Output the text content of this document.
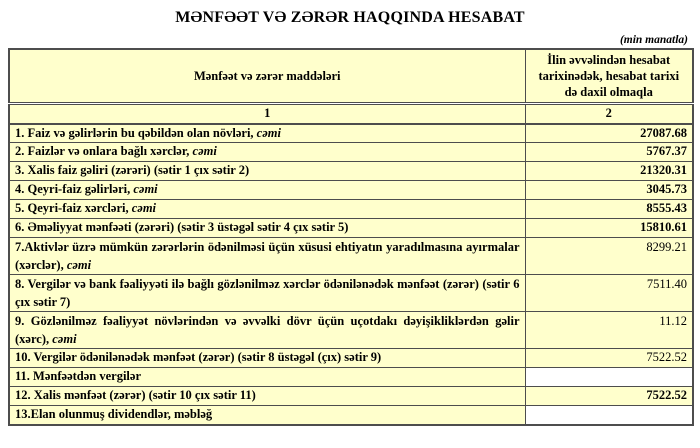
MƏNFƏƏT VƏ ZƏRƏR HAQQINDA HESABAT
(min manatla)
Mənfəət və zərər maddələri	İlin əvvəlindən hesabat tarixinədək, hesabat tarixi də daxil olmaqla
1	2
1. Faiz və gəlirlərin bu qəbildən olan növləri, cəmi	27087.68
2. Faizlər və onlara bağlı xərclər, cəmi	5767.37
3. Xalis faiz gəliri (zərəri) (sətir 1 çıx sətir 2)	21320.31
4. Qeyri-faiz gəlirləri, cəmi	3045.73
5. Qeyri-faiz xərcləri, cəmi	8555.43
6. Əməliyyat mənfəəti (zərəri) (sətir 3 üstəgəl sətir 4 çıx sətir 5)	15810.61
7.Aktivlər üzrə mümkün zərərlərin ödənilməsi üçün xüsusi ehtiyatın yaradılmasına ayırmalar (xərclər), cəmi	8299.21
8. Vergilər və bank fəaliyyəti ilə bağlı gözlənilməz xərclər ödənilənədək mənfəət (zərər) (sətir 6 çıx sətir 7)	7511.40
9. Gözlənilməz fəaliyyət növlərindən və əvvəlki dövr üçün uçotdakı dəyişikliklərdən gəlir (xərc), cəmi	11.12
10. Vergilər ödənilənədək mənfəət (zərər) (sətir 8 üstəgəl (çıx) sətir 9)	7522.52
11. Mənfəətdən vergilər	
12. Xalis mənfəət (zərər) (sətir 10 çıx sətir 11)	7522.52
13.Elan olunmuş dividendlər, məbləğ	
